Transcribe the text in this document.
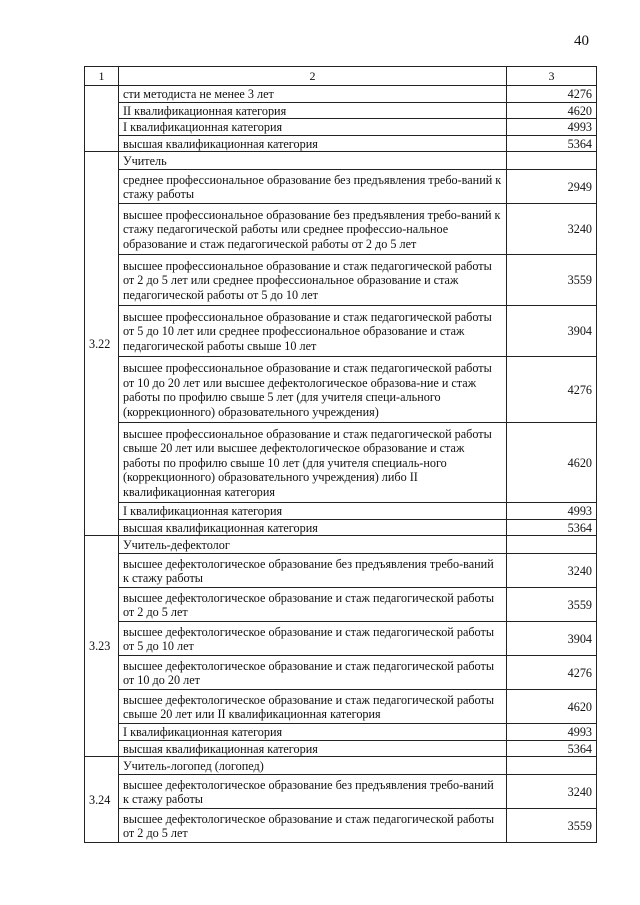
40
1	2	3
	сти методиста не менее 3 лет	4276
	II квалификационная категория	4620
	I квалификационная категория	4993
	высшая квалификационная категория	5364
3.22	Учитель	
	среднее профессиональное образование без предъявления требо-ваний к стажу работы	2949
	высшее профессиональное образование без предъявления требо-ваний к стажу педагогической работы или среднее профессио-нальное образование и стаж педагогической работы от 2 до 5 лет	3240
	высшее профессиональное образование и стаж педагогической работы от 2 до 5 лет или среднее профессиональное образование и стаж педагогической работы от 5 до 10 лет	3559
	высшее профессиональное образование и стаж педагогической работы от 5 до 10 лет или среднее профессиональное образование и стаж педагогической работы свыше 10 лет	3904
	высшее профессиональное образование и стаж педагогической работы от 10 до 20 лет или высшее дефектологическое образова-ние и стаж работы по профилю свыше 5 лет (для учителя специ-ального (коррекционного) образовательного учреждения)	4276
	высшее профессиональное образование и стаж педагогической работы свыше 20 лет или высшее дефектологическое образование и стаж работы по профилю свыше 10 лет (для учителя специаль-ного (коррекционного) образовательного учреждения) либо II квалификационная категория	4620
	I квалификационная категория	4993
	высшая квалификационная категория	5364
3.23	Учитель-дефектолог	
	высшее дефектологическое образование без предъявления требо-ваний к стажу работы	3240
	высшее дефектологическое образование и стаж педагогической работы от 2 до 5 лет	3559
	высшее дефектологическое образование и стаж педагогической работы от 5 до 10 лет	3904
	высшее дефектологическое образование и стаж педагогической работы от 10 до 20 лет	4276
	высшее дефектологическое образование и стаж педагогической работы свыше 20 лет или II квалификационная категория	4620
	I квалификационная категория	4993
	высшая квалификационная категория	5364
3.24	Учитель-логопед (логопед)	
	высшее дефектологическое образование без предъявления требо-ваний к стажу работы	3240
	высшее дефектологическое образование и стаж педагогической работы от 2 до 5 лет	3559
